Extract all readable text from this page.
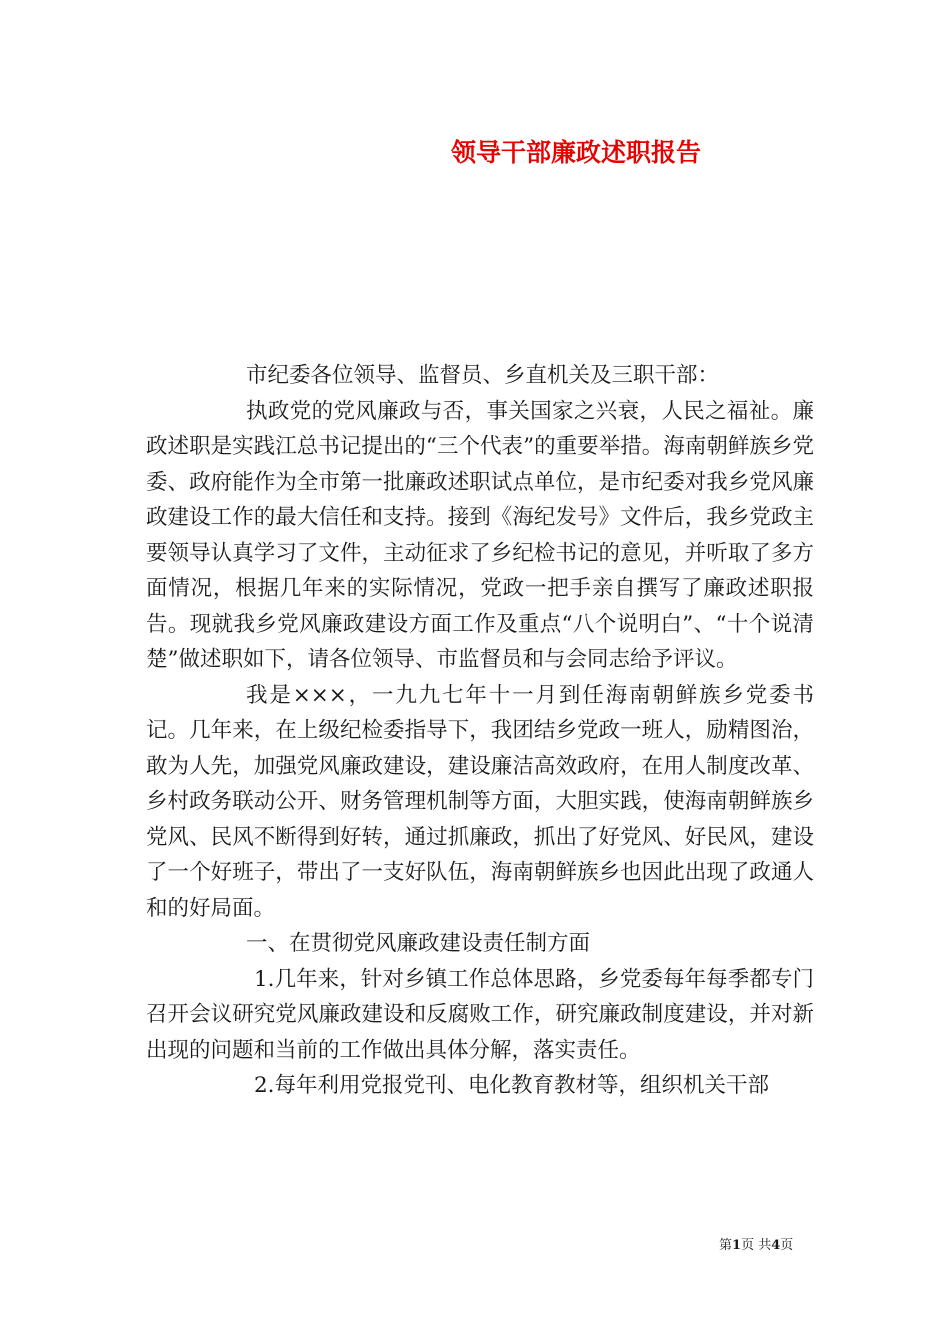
领导干部廉政述职报告

市纪委各位领导、监督员、乡直机关及三职干部：

执政党的党风廉政与否，事关国家之兴衰，人民之福祉。廉政述职是实践江总书记提出的“三个代表”的重要举措。海南朝鲜族乡党委、政府能作为全市第一批廉政述职试点单位，是市纪委对我乡党风廉政建设工作的最大信任和支持。接到《海纪发号》文件后，我乡党政主要领导认真学习了文件，主动征求了乡纪检书记的意见，并听取了多方面情况，根据几年来的实际情况，党政一把手亲自撰写了廉政述职报告。现就我乡党风廉政建设方面工作及重点“八个说明白”、“十个说清楚”做述职如下，请各位领导、市监督员和与会同志给予评议。

我是×××，一九九七年十一月到任海南朝鲜族乡党委书记。几年来，在上级纪检委指导下，我团结乡党政一班人，励精图治，敢为人先，加强党风廉政建设，建设廉洁高效政府，在用人制度改革、乡村政务联动公开、财务管理机制等方面，大胆实践，使海南朝鲜族乡党风、民风不断得到好转，通过抓廉政，抓出了好党风、好民风，建设了一个好班子，带出了一支好队伍，海南朝鲜族乡也因此出现了政通人和的好局面。

一、在贯彻党风廉政建设责任制方面

1.几年来，针对乡镇工作总体思路，乡党委每年每季都专门召开会议研究党风廉政建设和反腐败工作，研究廉政制度建设，并对新出现的问题和当前的工作做出具体分解，落实责任。

2.每年利用党报党刊、电化教育教材等，组织机关干部

第1页 共4页
